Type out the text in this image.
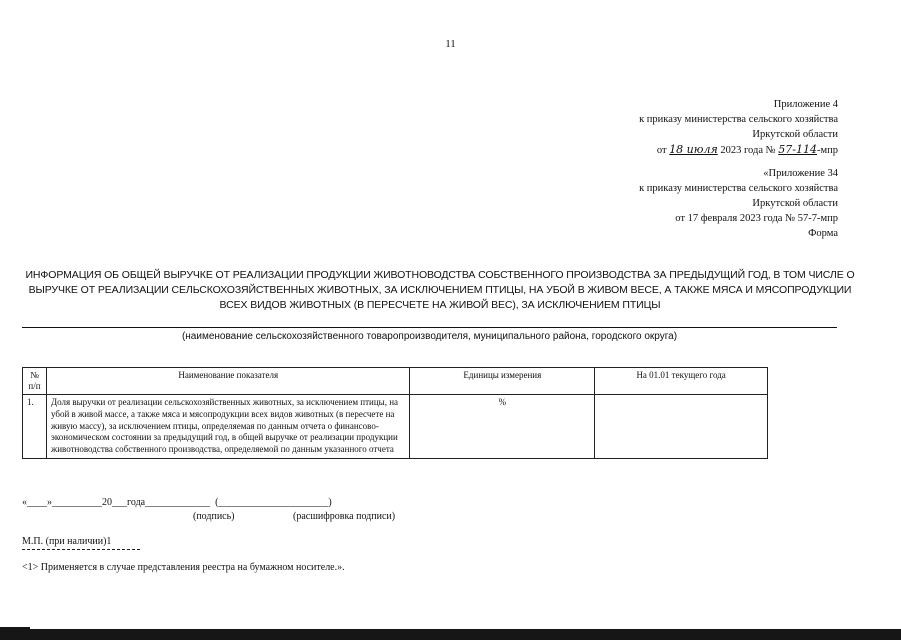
11
Приложение 4
к приказу министерства сельского хозяйства
Иркутской области
от 18 июля 2023 года № 57-114-мпр
«Приложение 34
к приказу министерства сельского хозяйства
Иркутской области
от 17 февраля 2023 года № 57-7-мпр
Форма
ИНФОРМАЦИЯ ОБ ОБЩЕЙ ВЫРУЧКЕ ОТ РЕАЛИЗАЦИИ ПРОДУКЦИИ ЖИВОТНОВОДСТВА СОБСТВЕННОГО ПРОИЗВОДСТВА ЗА ПРЕДЫДУЩИЙ ГОД, В ТОМ ЧИСЛЕ О ВЫРУЧКЕ ОТ РЕАЛИЗАЦИИ СЕЛЬСКОХОЗЯЙСТВЕННЫХ ЖИВОТНЫХ, ЗА ИСКЛЮЧЕНИЕМ ПТИЦЫ, НА УБОЙ В ЖИВОМ ВЕСЕ, А ТАКЖЕ МЯСА И МЯСОПРОДУКЦИИ ВСЕХ ВИДОВ ЖИВОТНЫХ (В ПЕРЕСЧЕТЕ НА ЖИВОЙ ВЕС), ЗА ИСКЛЮЧЕНИЕМ ПТИЦЫ
(наименование сельскохозяйственного товаропроизводителя, муниципального района, городского округа)
№ п/п	Наименование показателя	Единицы измерения	На 01.01 текущего года
1.	Доля выручки от реализации сельскохозяйственных животных, за исключением птицы, на убой в живой массе, а также мяса и мясопродукции всех видов животных (в пересчете на живую массу), за исключением птицы, определяемая по данным отчета о финансово-экономическом состоянии за предыдущий год, в общей выручке от реализации продукции животноводства собственного производства, определяемой по данным указанного отчета	%	
«____»__________20___года_____________  (______________________)
(подпись)	(расшифровка подписи)
М.П. (при наличии)1
<1> Применяется в случае представления реестра на бумажном носителе.».
